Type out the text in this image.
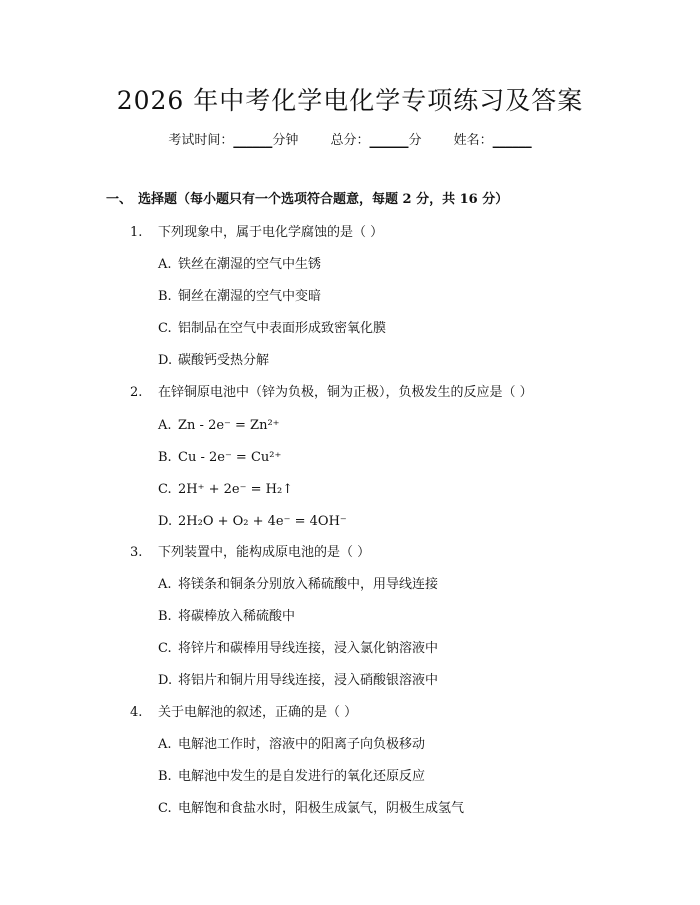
2026 年中考化学电化学专项练习及答案
考试时间：______分钟 总分：______分 姓名：______
一、 选择题（每小题只有一个选项符合题意，每题 2 分，共 16 分）
1. 下列现象中，属于电化学腐蚀的是（ ）
A. 铁丝在潮湿的空气中生锈
B. 铜丝在潮湿的空气中变暗
C. 铝制品在空气中表面形成致密氧化膜
D. 碳酸钙受热分解
2. 在锌铜原电池中（锌为负极，铜为正极），负极发生的反应是（ ）
A. Zn - 2e⁻ = Zn²⁺
B. Cu - 2e⁻ = Cu²⁺
C. 2H⁺ + 2e⁻ = H₂↑
D. 2H₂O + O₂ + 4e⁻ = 4OH⁻
3. 下列装置中，能构成原电池的是（ ）
A. 将镁条和铜条分别放入稀硫酸中，用导线连接
B. 将碳棒放入稀硫酸中
C. 将锌片和碳棒用导线连接，浸入氯化钠溶液中
D. 将铝片和铜片用导线连接，浸入硝酸银溶液中
4. 关于电解池的叙述，正确的是（ ）
A. 电解池工作时，溶液中的阳离子向负极移动
B. 电解池中发生的是自发进行的氧化还原反应
C. 电解饱和食盐水时，阳极生成氯气，阴极生成氢气
